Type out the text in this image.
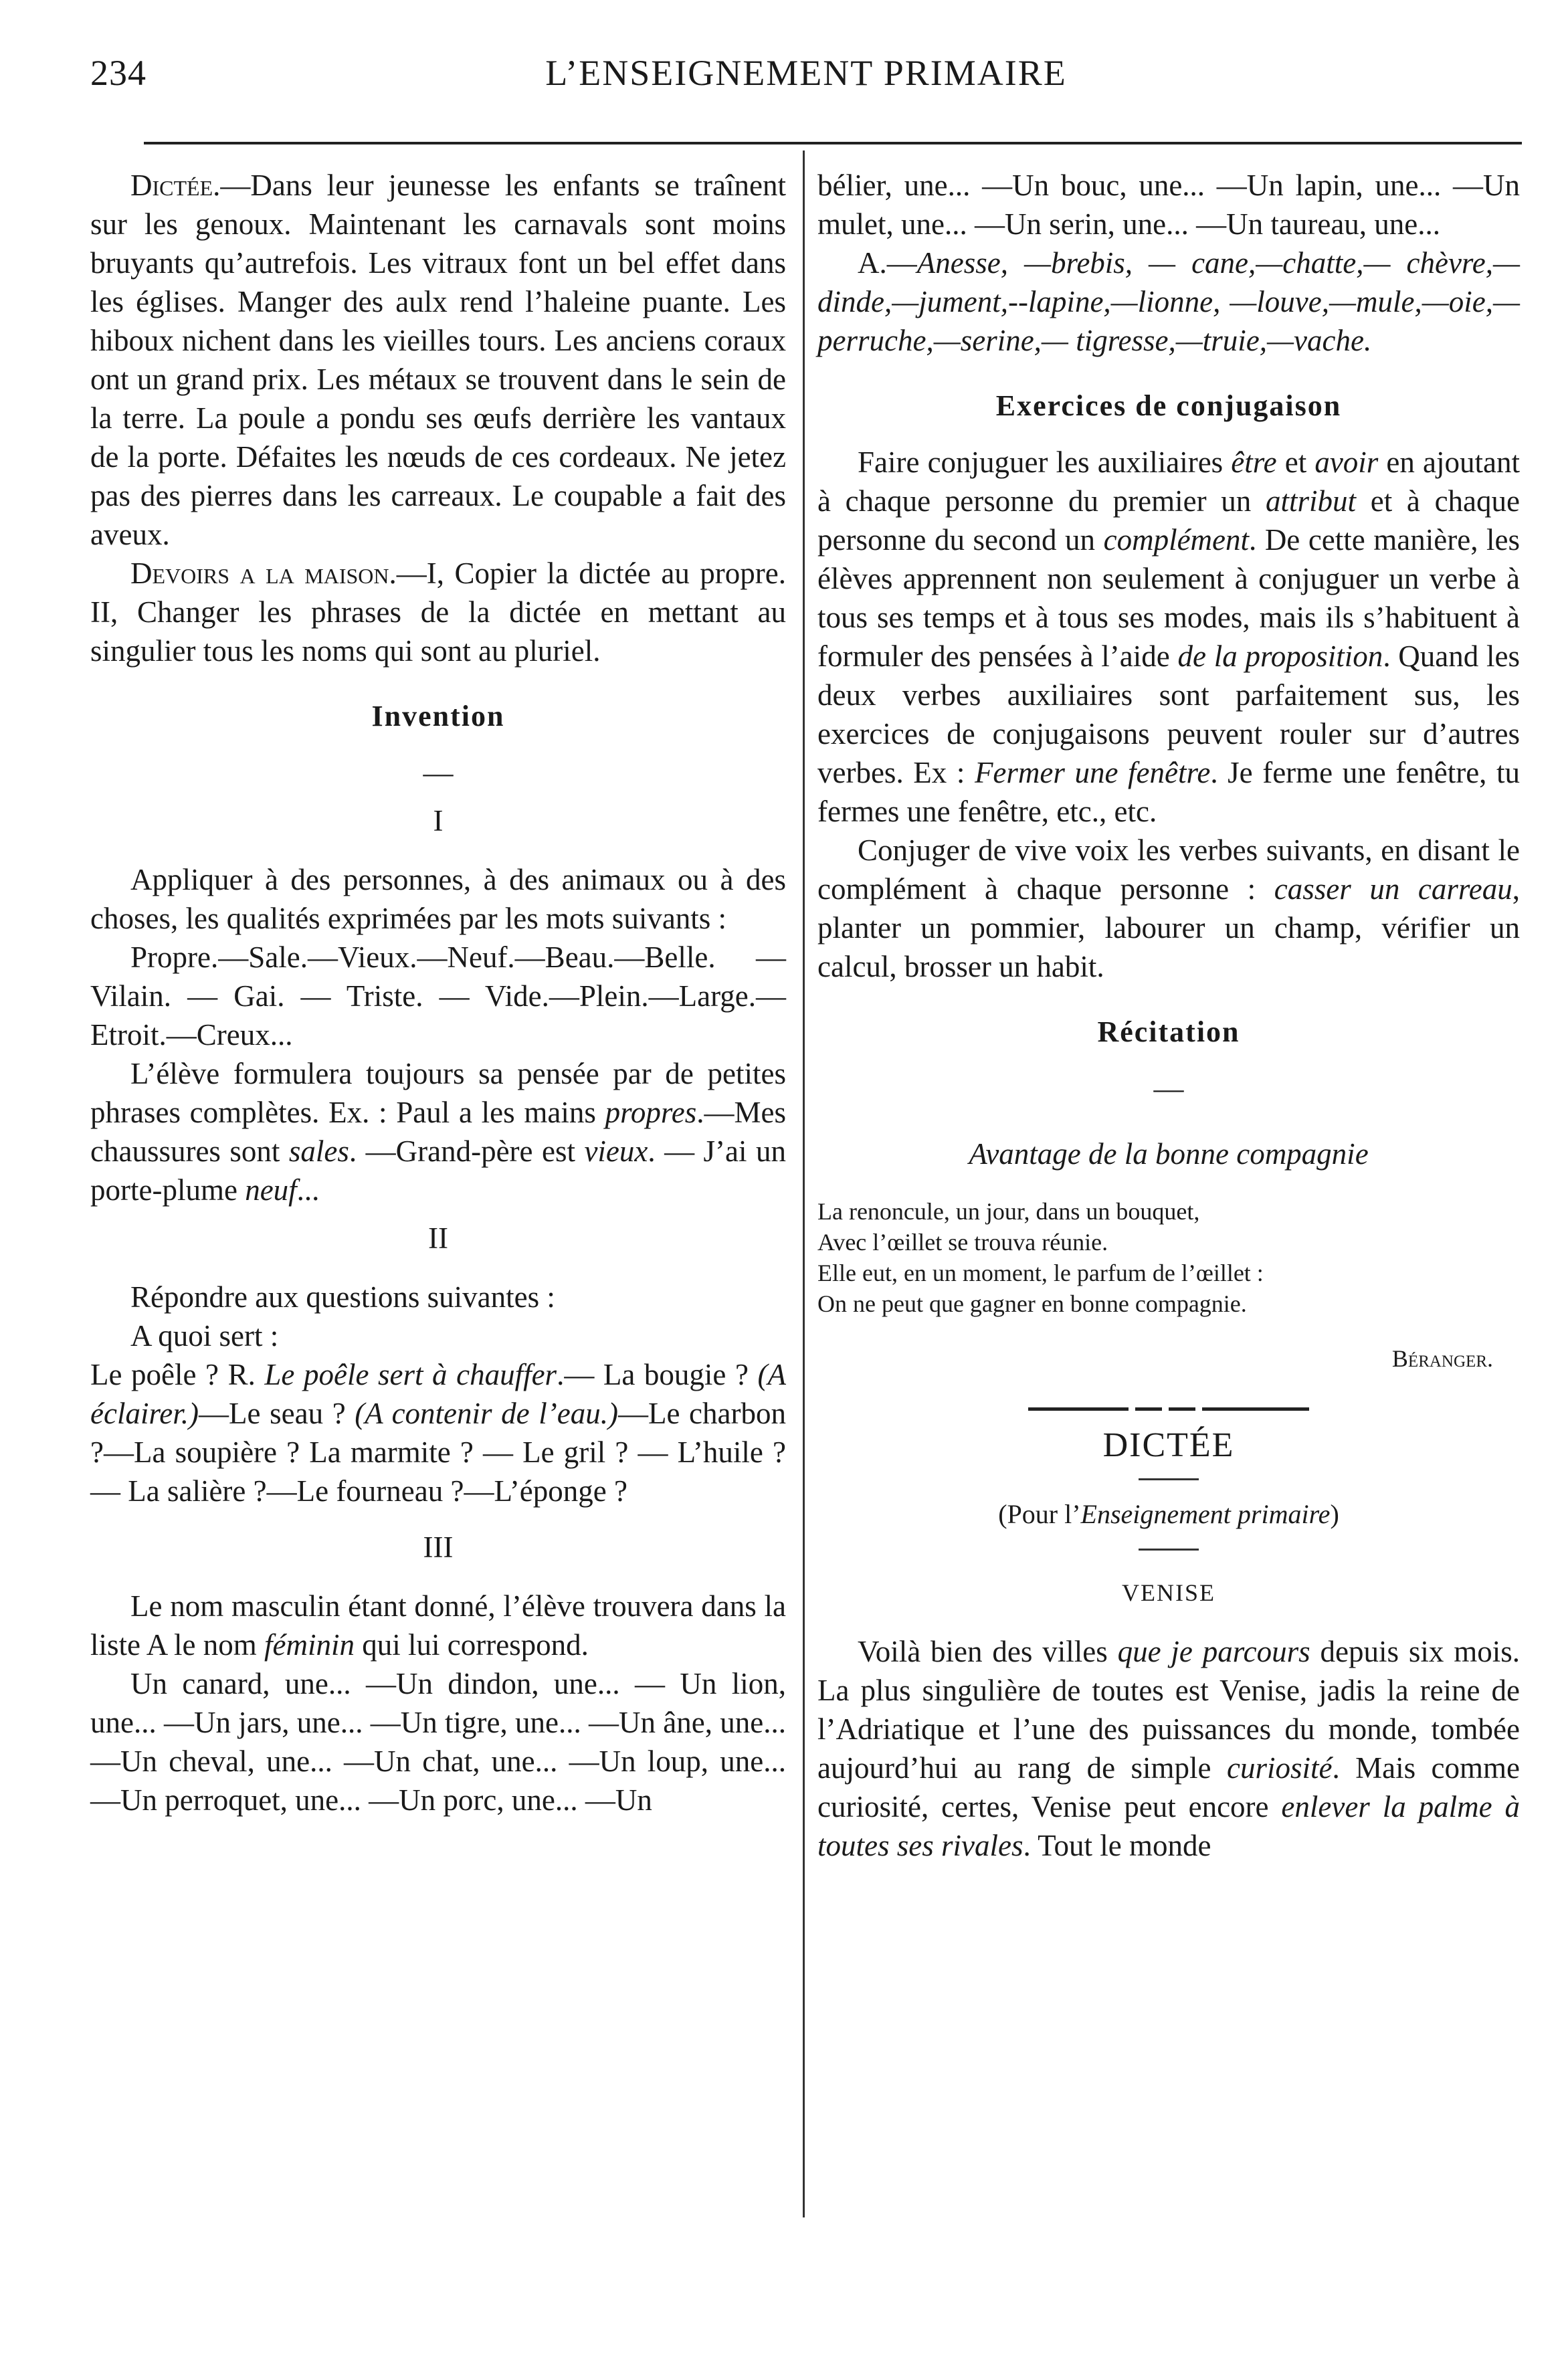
234	L’ENSEIGNEMENT PRIMAIRE

Dictée.—Dans leur jeunesse les enfants se traînent sur les genoux. Maintenant les carnavals sont moins bruyants qu’autrefois. Les vitraux font un bel effet dans les églises. Manger des aulx rend l’haleine puante. Les hiboux nichent dans les vieilles tours. Les anciens coraux ont un grand prix. Les métaux se trouvent dans le sein de la terre. La poule a pondu ses œufs derrière les vantaux de la porte. Défaites les nœuds de ces cordeaux. Ne jetez pas des pierres dans les carreaux. Le coupable a fait des aveux.

Devoirs a la maison.—I, Copier la dictée au propre. II, Changer les phrases de la dictée en mettant au singulier tous les noms qui sont au pluriel.

Invention
—
I

Appliquer à des personnes, à des animaux ou à des choses, les qualités exprimées par les mots suivants :

Propre.—Sale.—Vieux.—Neuf.—Beau.—Belle. — Vilain. — Gai. — Triste. — Vide.—Plein.—Large.—Etroit.—Creux...

L’élève formulera toujours sa pensée par de petites phrases complètes. Ex. : Paul a les mains propres.—Mes chaussures sont sales. —Grand-père est vieux. — J’ai un porte-plume neuf...

II

Répondre aux questions suivantes :

A quoi sert :

Le poêle ? R. Le poêle sert à chauffer.— La bougie ? (A éclairer.)—Le seau ? (A contenir de l’eau.)—Le charbon ?—La soupière ? La marmite ? — Le gril ? — L’huile ?— La salière ?—Le fourneau ?—L’éponge ?

III

Le nom masculin étant donné, l’élève trouvera dans la liste A le nom féminin qui lui correspond.

Un canard, une... —Un dindon, une... — Un lion, une... —Un jars, une... —Un tigre, une... —Un âne, une... —Un cheval, une... —Un chat, une... —Un loup, une... —Un perroquet, une... —Un porc, une... —Un

bélier, une... —Un bouc, une... —Un lapin, une... —Un mulet, une... —Un serin, une... —Un taureau, une...

A.—Anesse, —brebis, — cane,—chatte,— chèvre,—dinde,—jument,--lapine,—lionne, —louve,—mule,—oie,—perruche,—serine,— tigresse,—truie,—vache.

Exercices de conjugaison

Faire conjuguer les auxiliaires être et avoir en ajoutant à chaque personne du premier un attribut et à chaque personne du second un complément. De cette manière, les élèves apprennent non seulement à conjuguer un verbe à tous ses temps et à tous ses modes, mais ils s’habituent à formuler des pensées à l’aide de la proposition. Quand les deux verbes auxiliaires sont parfaitement sus, les exercices de conjugaisons peuvent rouler sur d’autres verbes. Ex : Fermer une fenêtre. Je ferme une fenêtre, tu fermes une fenêtre, etc., etc.

Conjuger de vive voix les verbes suivants, en disant le complément à chaque personne : casser un carreau, planter un pommier, labourer un champ, vérifier un calcul, brosser un habit.

Récitation
—
Avantage de la bonne compagnie
La renoncule, un jour, dans un bouquet,
Avec l’œillet se trouva réunie.
Elle eut, en un moment, le parfum de l’œillet :
On ne peut que gagner en bonne compagnie.
Béranger.
DICTÉE
(Pour l’Enseignement primaire)
VENISE

Voilà bien des villes que je parcours depuis six mois. La plus singulière de toutes est Venise, jadis la reine de l’Adriatique et l’une des puissances du monde, tombée aujourd’hui au rang de simple curiosité. Mais comme curiosité, certes, Venise peut encore enlever la palme à toutes ses rivales. Tout le monde
